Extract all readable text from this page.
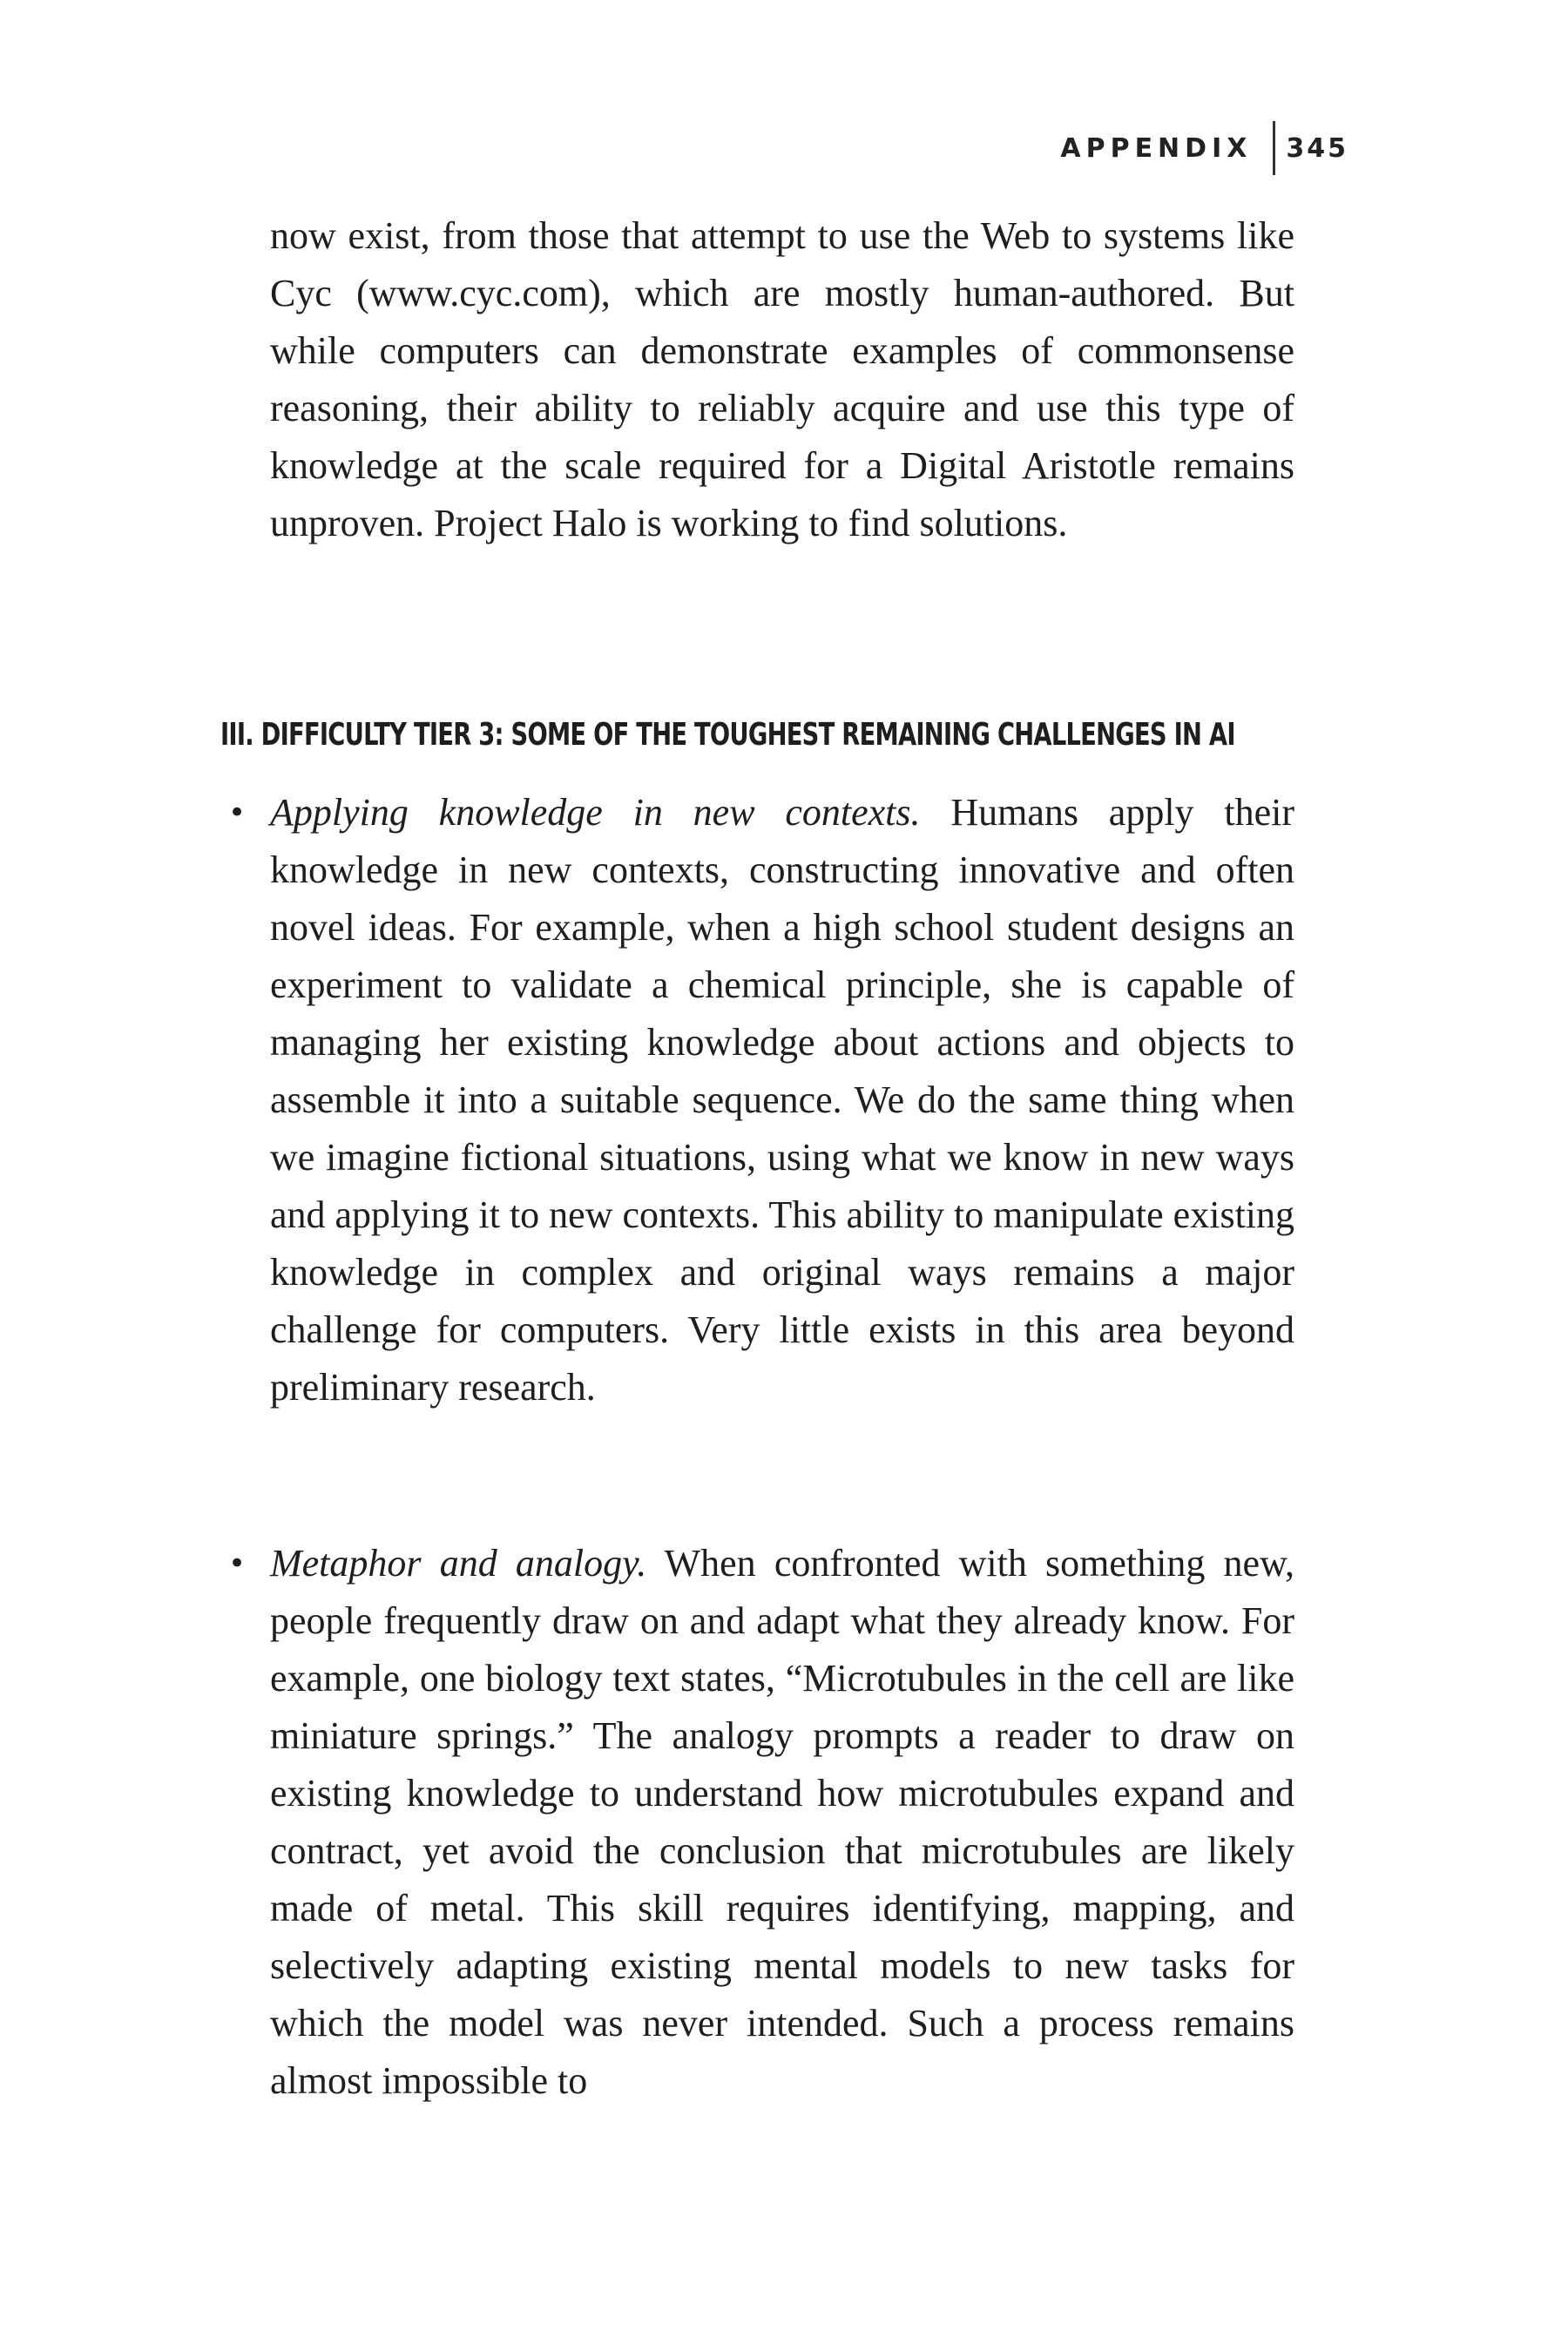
APPENDIX 345

now exist, from those that attempt to use the Web to systems like Cyc (www.cyc.com), which are mostly human-authored. But while computers can demonstrate examples of commonsense reasoning, their ability to reliably acquire and use this type of knowledge at the scale required for a Digital Aristotle remains unproven. Project Halo is working to find solutions.

III. DIFFICULTY TIER 3: SOME OF THE TOUGHEST REMAINING CHALLENGES IN AI
• Applying knowledge in new contexts. Humans apply their knowledge in new contexts, constructing innovative and often novel ideas. For example, when a high school student designs an experiment to validate a chemical principle, she is capable of managing her existing knowledge about actions and objects to assemble it into a suitable sequence. We do the same thing when we imagine fictional situations, using what we know in new ways and applying it to new contexts. This ability to manipulate existing knowledge in complex and original ways remains a major challenge for computers. Very little exists in this area beyond preliminary research.

• Metaphor and analogy. When confronted with something new, people frequently draw on and adapt what they already know. For example, one biology text states, “Microtubules in the cell are like miniature springs.” The analogy prompts a reader to draw on existing knowledge to understand how microtubules expand and contract, yet avoid the conclusion that microtubules are likely made of metal. This skill requires identifying, mapping, and selectively adapting existing mental models to new tasks for which the model was never intended. Such a process remains almost impossible to
